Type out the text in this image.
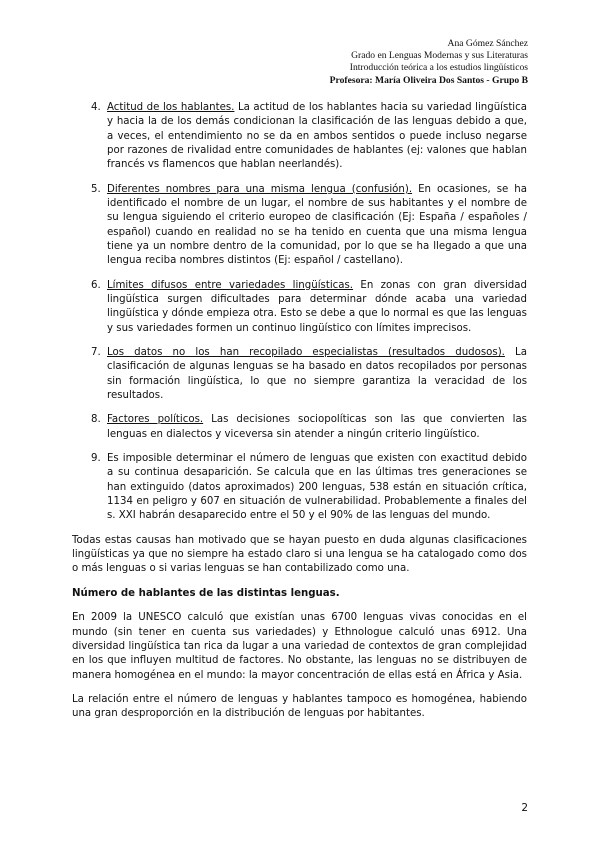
Ana Gómez Sánchez
Grado en Lenguas Modernas y sus Literaturas
Introducción teórica a los estudios lingüísticos
Profesora: María Oliveira Dos Santos - Grupo B
4. Actitud de los hablantes. La actitud de los hablantes hacia su variedad lingüística y hacia la de los demás condicionan la clasificación de las lenguas debido a que, a veces, el entendimiento no se da en ambos sentidos o puede incluso negarse por razones de rivalidad entre comunidades de hablantes (ej: valones que hablan francés vs flamencos que hablan neerlandés).
5. Diferentes nombres para una misma lengua (confusión). En ocasiones, se ha identificado el nombre de un lugar, el nombre de sus habitantes y el nombre de su lengua siguiendo el criterio europeo de clasificación (Ej: España / españoles / español) cuando en realidad no se ha tenido en cuenta que una misma lengua tiene ya un nombre dentro de la comunidad, por lo que se ha llegado a que una lengua reciba nombres distintos (Ej: español / castellano).
6. Límites difusos entre variedades lingüísticas. En zonas con gran diversidad lingüística surgen dificultades para determinar dónde acaba una variedad lingüística y dónde empieza otra. Esto se debe a que lo normal es que las lenguas y sus variedades formen un continuo lingüístico con límites imprecisos.
7. Los datos no los han recopilado especialistas (resultados dudosos). La clasificación de algunas lenguas se ha basado en datos recopilados por personas sin formación lingüística, lo que no siempre garantiza la veracidad de los resultados.
8. Factores políticos. Las decisiones sociopolíticas son las que convierten las lenguas en dialectos y viceversa sin atender a ningún criterio lingüístico.
9. Es imposible determinar el número de lenguas que existen con exactitud debido a su continua desaparición. Se calcula que en las últimas tres generaciones se han extinguido (datos aproximados) 200 lenguas, 538 están en situación crítica, 1134 en peligro y 607 en situación de vulnerabilidad. Probablemente a finales del s. XXI habrán desaparecido entre el 50 y el 90% de las lenguas del mundo.

Todas estas causas han motivado que se hayan puesto en duda algunas clasificaciones lingüísticas ya que no siempre ha estado claro si una lengua se ha catalogado como dos o más lenguas o si varias lenguas se han contabilizado como una.

Número de hablantes de las distintas lenguas.

En 2009 la UNESCO calculó que existían unas 6700 lenguas vivas conocidas en el mundo (sin tener en cuenta sus variedades) y Ethnologue calculó unas 6912. Una diversidad lingüística tan rica da lugar a una variedad de contextos de gran complejidad en los que influyen multitud de factores. No obstante, las lenguas no se distribuyen de manera homogénea en el mundo: la mayor concentración de ellas está en África y Asia.

La relación entre el número de lenguas y hablantes tampoco es homogénea, habiendo una gran desproporción en la distribución de lenguas por habitantes.

2
